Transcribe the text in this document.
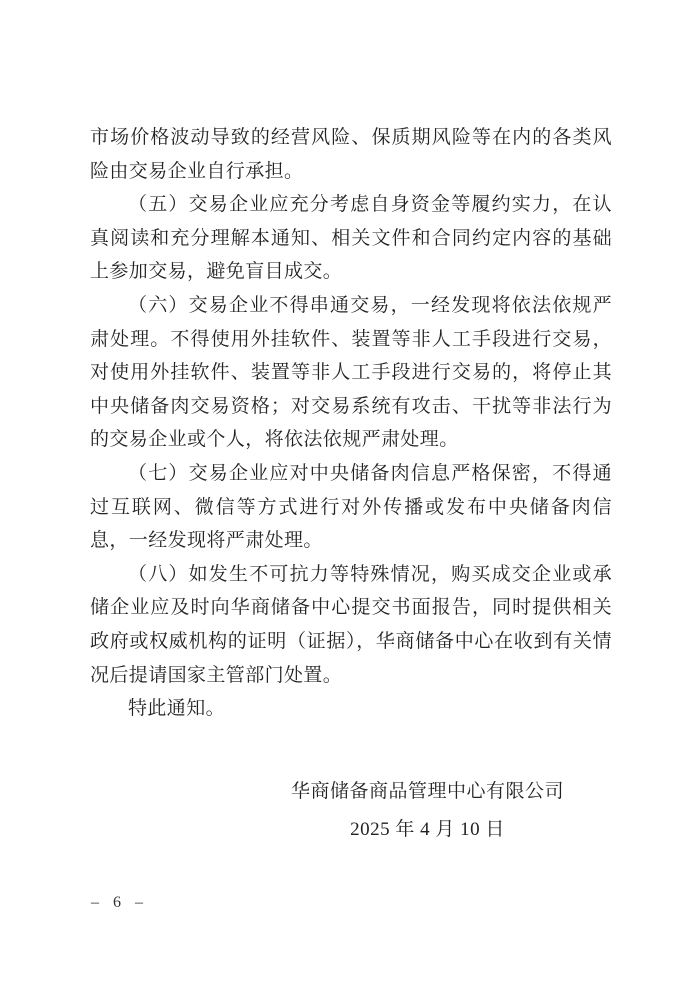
市场价格波动导致的经营风险、保质期风险等在内的各类风险由交易企业自行承担。

（五）交易企业应充分考虑自身资金等履约实力，在认真阅读和充分理解本通知、相关文件和合同约定内容的基础上参加交易，避免盲目成交。

（六）交易企业不得串通交易，一经发现将依法依规严肃处理。不得使用外挂软件、装置等非人工手段进行交易，对使用外挂软件、装置等非人工手段进行交易的，将停止其中央储备肉交易资格；对交易系统有攻击、干扰等非法行为的交易企业或个人，将依法依规严肃处理。

（七）交易企业应对中央储备肉信息严格保密，不得通过互联网、微信等方式进行对外传播或发布中央储备肉信息，一经发现将严肃处理。

（八）如发生不可抗力等特殊情况，购买成交企业或承储企业应及时向华商储备中心提交书面报告，同时提供相关政府或权威机构的证明（证据），华商储备中心在收到有关情况后提请国家主管部门处置。

特此通知。

华商储备商品管理中心有限公司
2025 年 4 月 10 日
– 6 –
